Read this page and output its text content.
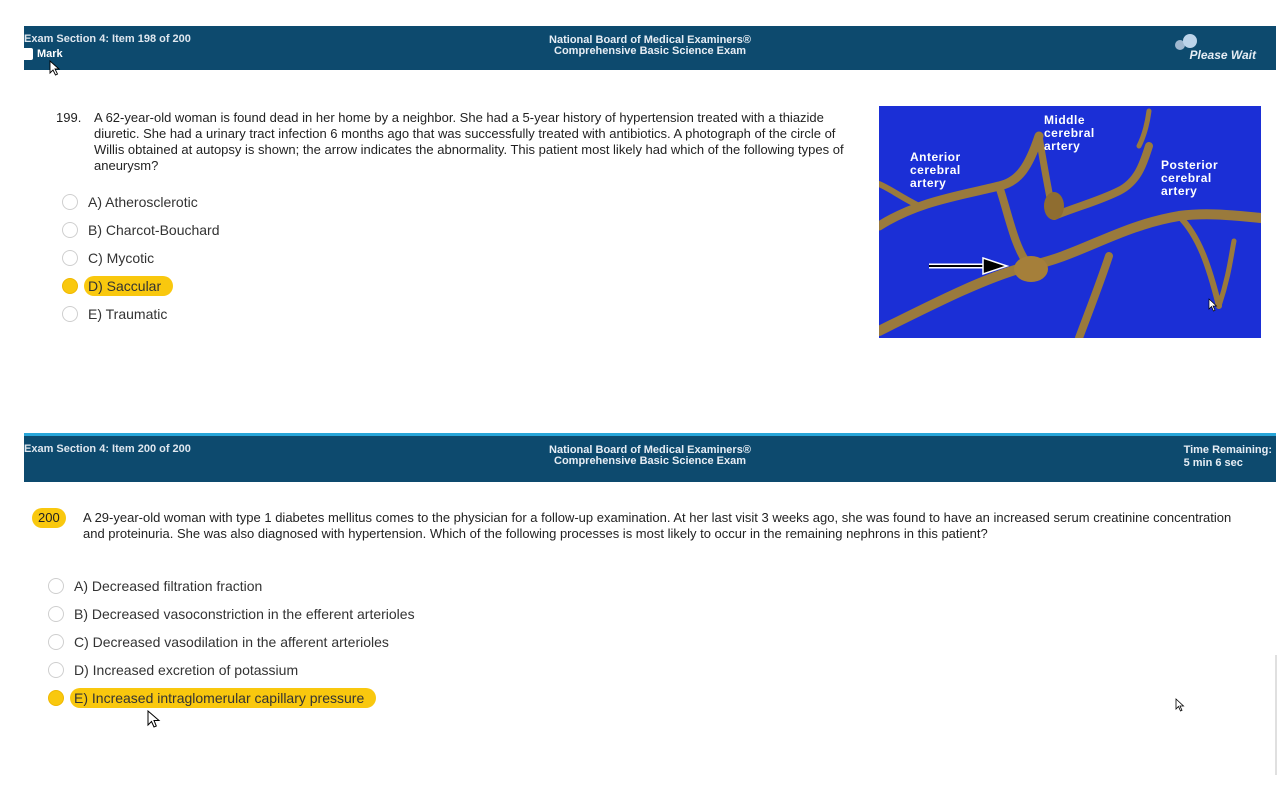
Exam Section 4: Item 198 of 200
Mark
National Board of Medical Examiners®
Comprehensive Basic Science Exam	Please Wait
199. A 62-year-old woman is found dead in her home by a neighbor. She had a 5-year history of hypertension treated with a thiazide diuretic. She had a urinary tract infection 6 months ago that was successfully treated with antibiotics. A photograph of the circle of Willis obtained at autopsy is shown; the arrow indicates the abnormality. This patient most likely had which of the following types of aneurysm?
A) Atherosclerotic
B) Charcot-Bouchard
C) Mycotic
D) Saccular
E) Traumatic
Anterior cerebral artery
Middle cerebral artery
Posterior cerebral artery
Exam Section 4: Item 200 of 200	National Board of Medical Examiners®
Comprehensive Basic Science Exam
Time Remaining:
5 min 6 sec
200	A 29-year-old woman with type 1 diabetes mellitus comes to the physician for a follow-up examination. At her last visit 3 weeks ago, she was found to have an increased serum creatinine concentration and proteinuria. She was also diagnosed with hypertension. Which of the following processes is most likely to occur in the remaining nephrons in this patient?
A) Decreased filtration fraction
B) Decreased vasoconstriction in the efferent arterioles
C) Decreased vasodilation in the afferent arterioles
D) Increased excretion of potassium
E) Increased intraglomerular capillary pressure
